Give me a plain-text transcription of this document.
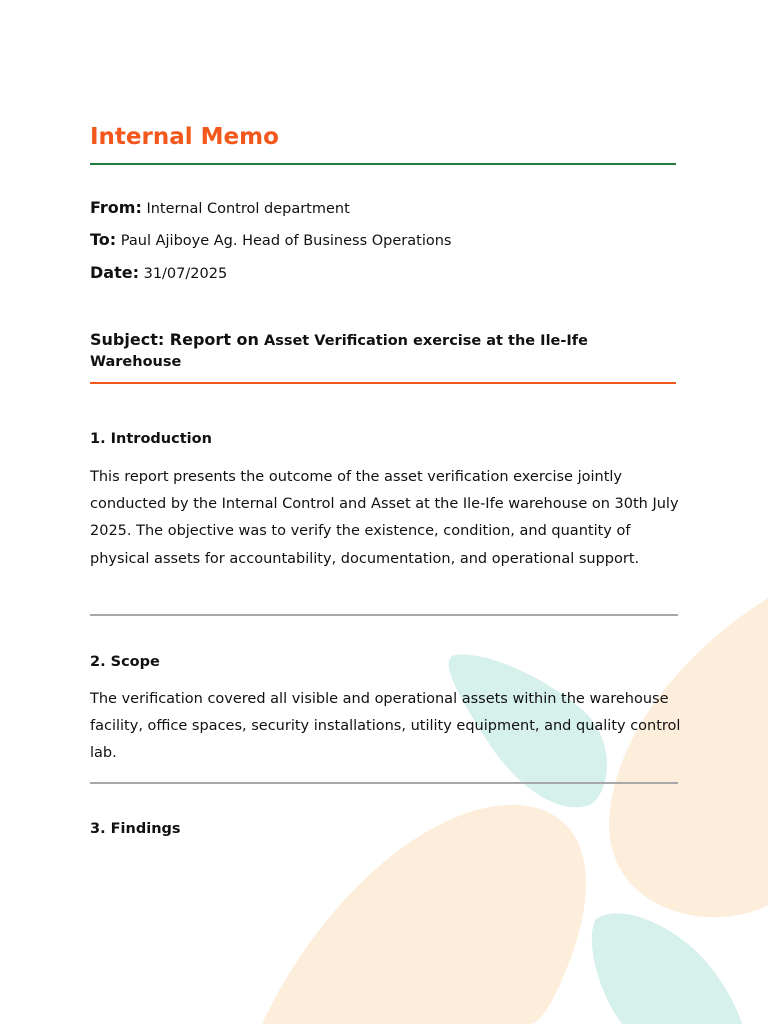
Internal Memo
From: Internal Control department
To: Paul Ajiboye Ag. Head of Business Operations
Date: 31/07/2025
Subject: Report on Asset Verification exercise at the Ile-Ife Warehouse
1. Introduction

This report presents the outcome of the asset verification exercise jointly conducted by the Internal Control and Asset at the Ile-Ife warehouse on 30th July 2025. The objective was to verify the existence, condition, and quantity of physical assets for accountability, documentation, and operational support.

2. Scope

The verification covered all visible and operational assets within the warehouse facility, office spaces, security installations, utility equipment, and quality control lab.

3. Findings
